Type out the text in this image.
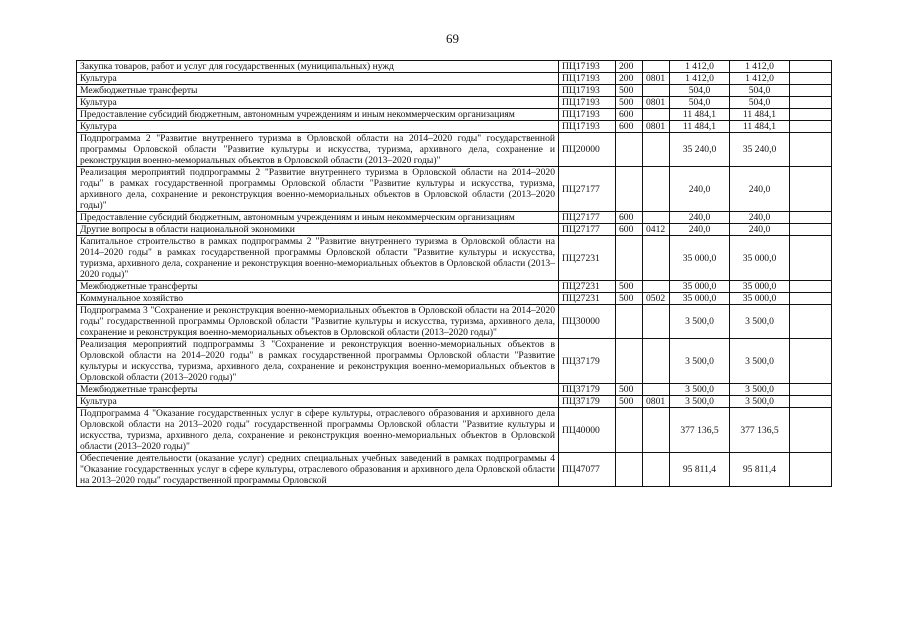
69
Закупка товаров, работ и услуг для государственных (муниципальных) нужд	ПЦ17193	200		1 412,0	1 412,0	
Культура	ПЦ17193	200	0801	1 412,0	1 412,0	
Межбюджетные трансферты	ПЦ17193	500		504,0	504,0	
Культура	ПЦ17193	500	0801	504,0	504,0	
Предоставление субсидий бюджетным, автономным учреждениям и иным некоммерческим организациям	ПЦ17193	600		11 484,1	11 484,1	
Культура	ПЦ17193	600	0801	11 484,1	11 484,1	
Подпрограмма 2 "Развитие внутреннего туризма в Орловской области на 2014–2020 годы" государственной программы Орловской области "Развитие культуры и искусства, туризма, архивного дела, сохранение и реконструкция военно-мемориальных объектов в Орловской области (2013–2020 годы)"	ПЦ20000			35 240,0	35 240,0	
Реализация мероприятий подпрограммы 2 "Развитие внутреннего туризма в Орловской области на 2014–2020 годы" в рамках государственной программы Орловской области "Развитие культуры и искусства, туризма, архивного дела, сохранение и реконструкция военно-мемориальных объектов в Орловской области (2013–2020 годы)"	ПЦ27177			240,0	240,0	
Предоставление субсидий бюджетным, автономным учреждениям и иным некоммерческим организациям	ПЦ27177	600		240,0	240,0	
Другие вопросы в области национальной экономики	ПЦ27177	600	0412	240,0	240,0	
Капитальное строительство в рамках подпрограммы 2 "Развитие внутреннего туризма в Орловской области на 2014–2020 годы" в рамках государственной программы Орловской области "Развитие культуры и искусства, туризма, архивного дела, сохранение и реконструкция военно-мемориальных объектов в Орловской области (2013–2020 годы)"	ПЦ27231			35 000,0	35 000,0	
Межбюджетные трансферты	ПЦ27231	500		35 000,0	35 000,0	
Коммунальное хозяйство	ПЦ27231	500	0502	35 000,0	35 000,0	
Подпрограмма 3 "Сохранение и реконструкция военно-мемориальных объектов в Орловской области на 2014–2020 годы" государственной программы Орловской области "Развитие культуры и искусства, туризма, архивного дела, сохранение и реконструкция военно-мемориальных объектов в Орловской области (2013–2020 годы)"	ПЦ30000			3 500,0	3 500,0	
Реализация мероприятий подпрограммы 3 "Сохранение и реконструкция военно-мемориальных объектов в Орловской области на 2014–2020 годы" в рамках государственной программы Орловской области "Развитие культуры и искусства, туризма, архивного дела, сохранение и реконструкция военно-мемориальных объектов в Орловской области (2013–2020 годы)"	ПЦ37179			3 500,0	3 500,0	
Межбюджетные трансферты	ПЦ37179	500		3 500,0	3 500,0	
Культура	ПЦ37179	500	0801	3 500,0	3 500,0	
Подпрограмма 4 "Оказание государственных услуг в сфере культуры, отраслевого образования и архивного дела Орловской области на 2013–2020 годы" государственной программы Орловской области "Развитие культуры и искусства, туризма, архивного дела, сохранение и реконструкция военно-мемориальных объектов в Орловской области (2013–2020 годы)"	ПЦ40000			377 136,5	377 136,5	
Обеспечение деятельности (оказание услуг) средних специальных учебных заведений в рамках подпрограммы 4 "Оказание государственных услуг в сфере культуры, отраслевого образования и архивного дела Орловской области на 2013–2020 годы" государственной программы Орловской	ПЦ47077			95 811,4	95 811,4	
